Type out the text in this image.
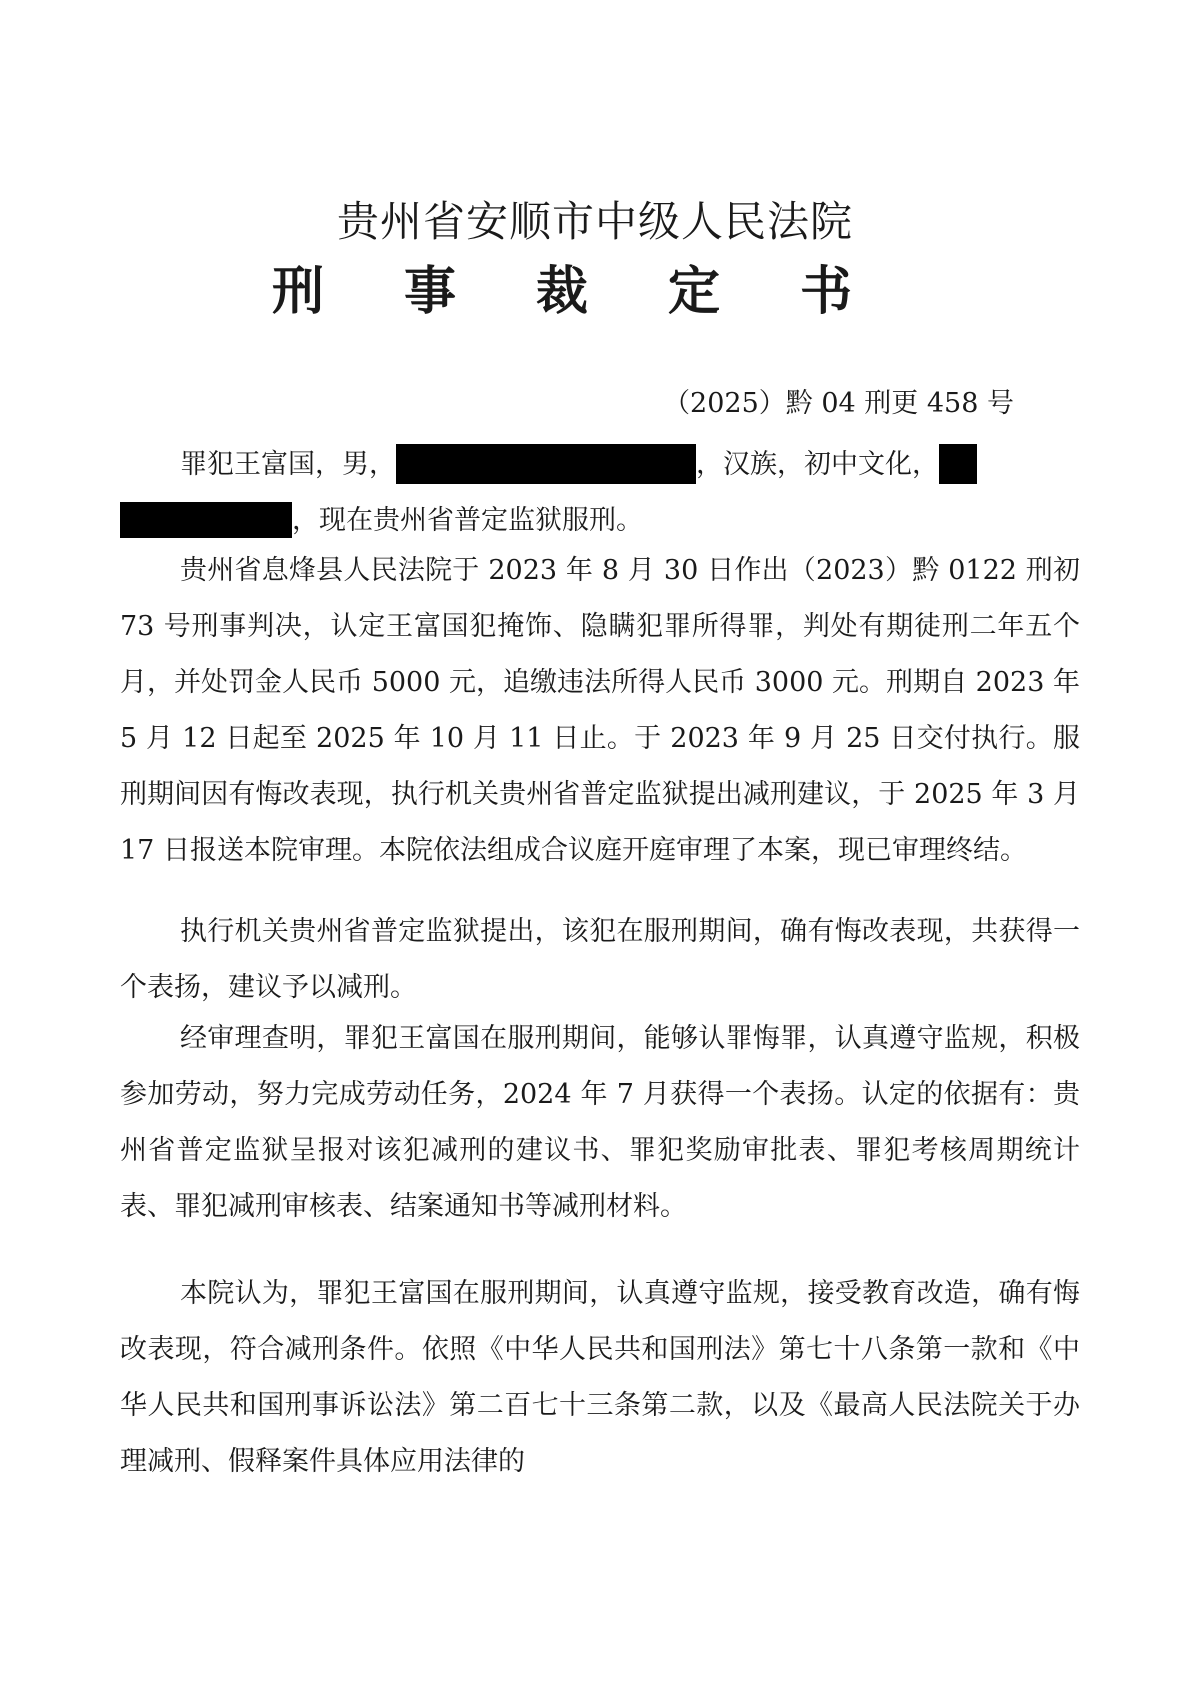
贵州省安顺市中级人民法院
刑 事 裁 定 书
（2025）黔 04 刑更 458 号
罪犯王富国，男，	，汉族，初中文化，
，现在贵州省普定监狱服刑。

贵州省息烽县人民法院于 2023 年 8 月 30 日作出（2023）黔 0122 刑初 73 号刑事判决，认定王富国犯掩饰、隐瞒犯罪所得罪，判处有期徒刑二年五个月，并处罚金人民币 5000 元，追缴违法所得人民币 3000 元。刑期自 2023 年 5 月 12 日起至 2025 年 10 月 11 日止。于 2023 年 9 月 25 日交付执行。服刑期间因有悔改表现，执行机关贵州省普定监狱提出减刑建议，于 2025 年 3 月 17 日报送本院审理。本院依法组成合议庭开庭审理了本案，现已审理终结。

执行机关贵州省普定监狱提出，该犯在服刑期间，确有悔改表现，共获得一个表扬，建议予以减刑。

经审理查明，罪犯王富国在服刑期间，能够认罪悔罪，认真遵守监规，积极参加劳动，努力完成劳动任务，2024 年 7 月获得一个表扬。认定的依据有：贵州省普定监狱呈报对该犯减刑的建议书、罪犯奖励审批表、罪犯考核周期统计表、罪犯减刑审核表、结案通知书等减刑材料。

本院认为，罪犯王富国在服刑期间，认真遵守监规，接受教育改造，确有悔改表现，符合减刑条件。依照《中华人民共和国刑法》第七十八条第一款和《中华人民共和国刑事诉讼法》第二百七十三条第二款，以及《最高人民法院关于办理减刑、假释案件具体应用法律的
